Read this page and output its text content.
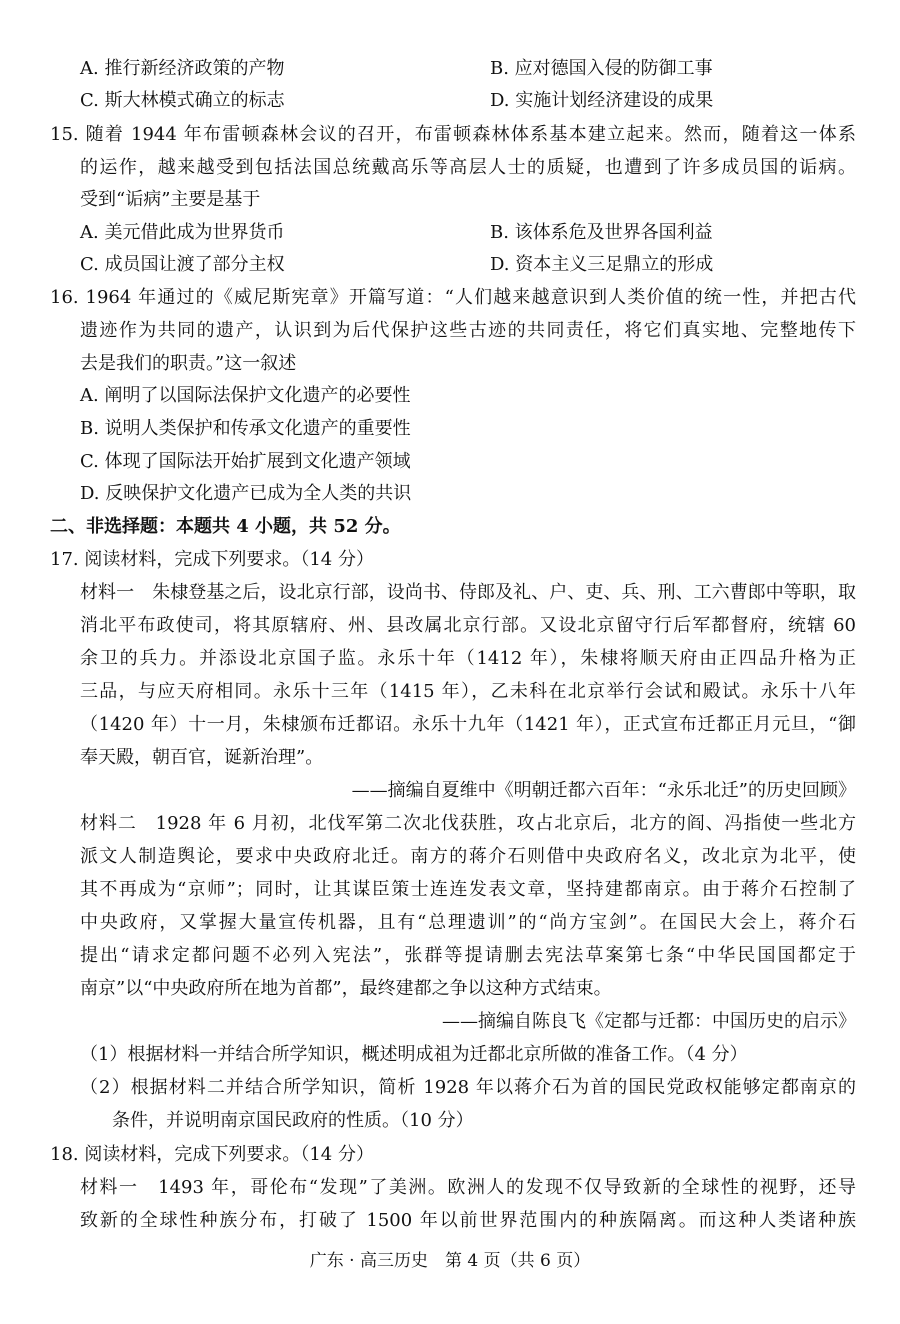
A. 推行新经济政策的产物	B. 应对德国入侵的防御工事
C. 斯大林模式确立的标志	D. 实施计划经济建设的成果
15. 随着 1944 年布雷顿森林会议的召开，布雷顿森林体系基本建立起来。然而，随着这一体系
的运作，越来越受到包括法国总统戴高乐等高层人士的质疑，也遭到了许多成员国的诟病。
受到“诟病”主要是基于
A. 美元借此成为世界货币	B. 该体系危及世界各国利益
C. 成员国让渡了部分主权	D. 资本主义三足鼎立的形成
16. 1964 年通过的《威尼斯宪章》开篇写道：“人们越来越意识到人类价值的统一性，并把古代
遗迹作为共同的遗产，认识到为后代保护这些古迹的共同责任，将它们真实地、完整地传下
去是我们的职责。”这一叙述
A. 阐明了以国际法保护文化遗产的必要性
B. 说明人类保护和传承文化遗产的重要性
C. 体现了国际法开始扩展到文化遗产领域
D. 反映保护文化遗产已成为全人类的共识
二、非选择题：本题共 4 小题，共 52 分。
17. 阅读材料，完成下列要求。（14 分）
材料一　朱棣登基之后，设北京行部，设尚书、侍郎及礼、户、吏、兵、刑、工六曹郎中等职，取
消北平布政使司，将其原辖府、州、县改属北京行部。又设北京留守行后军都督府，统辖 60
余卫的兵力。并添设北京国子监。永乐十年（1412 年），朱棣将顺天府由正四品升格为正
三品，与应天府相同。永乐十三年（1415 年），乙未科在北京举行会试和殿试。永乐十八年
（1420 年）十一月，朱棣颁布迁都诏。永乐十九年（1421 年），正式宣布迁都正月元旦，“御
奉天殿，朝百官，诞新治理”。
——摘编自夏维中《明朝迁都六百年：“永乐北迁”的历史回顾》
材料二　1928 年 6 月初，北伐军第二次北伐获胜，攻占北京后，北方的阎、冯指使一些北方
派文人制造舆论，要求中央政府北迁。南方的蒋介石则借中央政府名义，改北京为北平，使
其不再成为“京师”；同时，让其谋臣策士连连发表文章，坚持建都南京。由于蒋介石控制了
中央政府，又掌握大量宣传机器，且有“总理遗训”的“尚方宝剑”。在国民大会上，蒋介石
提出“请求定都问题不必列入宪法”，张群等提请删去宪法草案第七条“中华民国国都定于
南京”以“中央政府所在地为首都”，最终建都之争以这种方式结束。
——摘编自陈良飞《定都与迁都：中国历史的启示》
（1）根据材料一并结合所学知识，概述明成祖为迁都北京所做的准备工作。（4 分）
（2）根据材料二并结合所学知识，简析 1928 年以蒋介石为首的国民党政权能够定都南京的
条件，并说明南京国民政府的性质。（10 分）
18. 阅读材料，完成下列要求。（14 分）
材料一　1493 年，哥伦布“发现”了美洲。欧洲人的发现不仅导致新的全球性的视野，还导
致新的全球性种族分布，打破了 1500 年以前世界范围内的种族隔离。而这种人类诸种族
广东 · 高三历史　第 4 页（共 6 页）
